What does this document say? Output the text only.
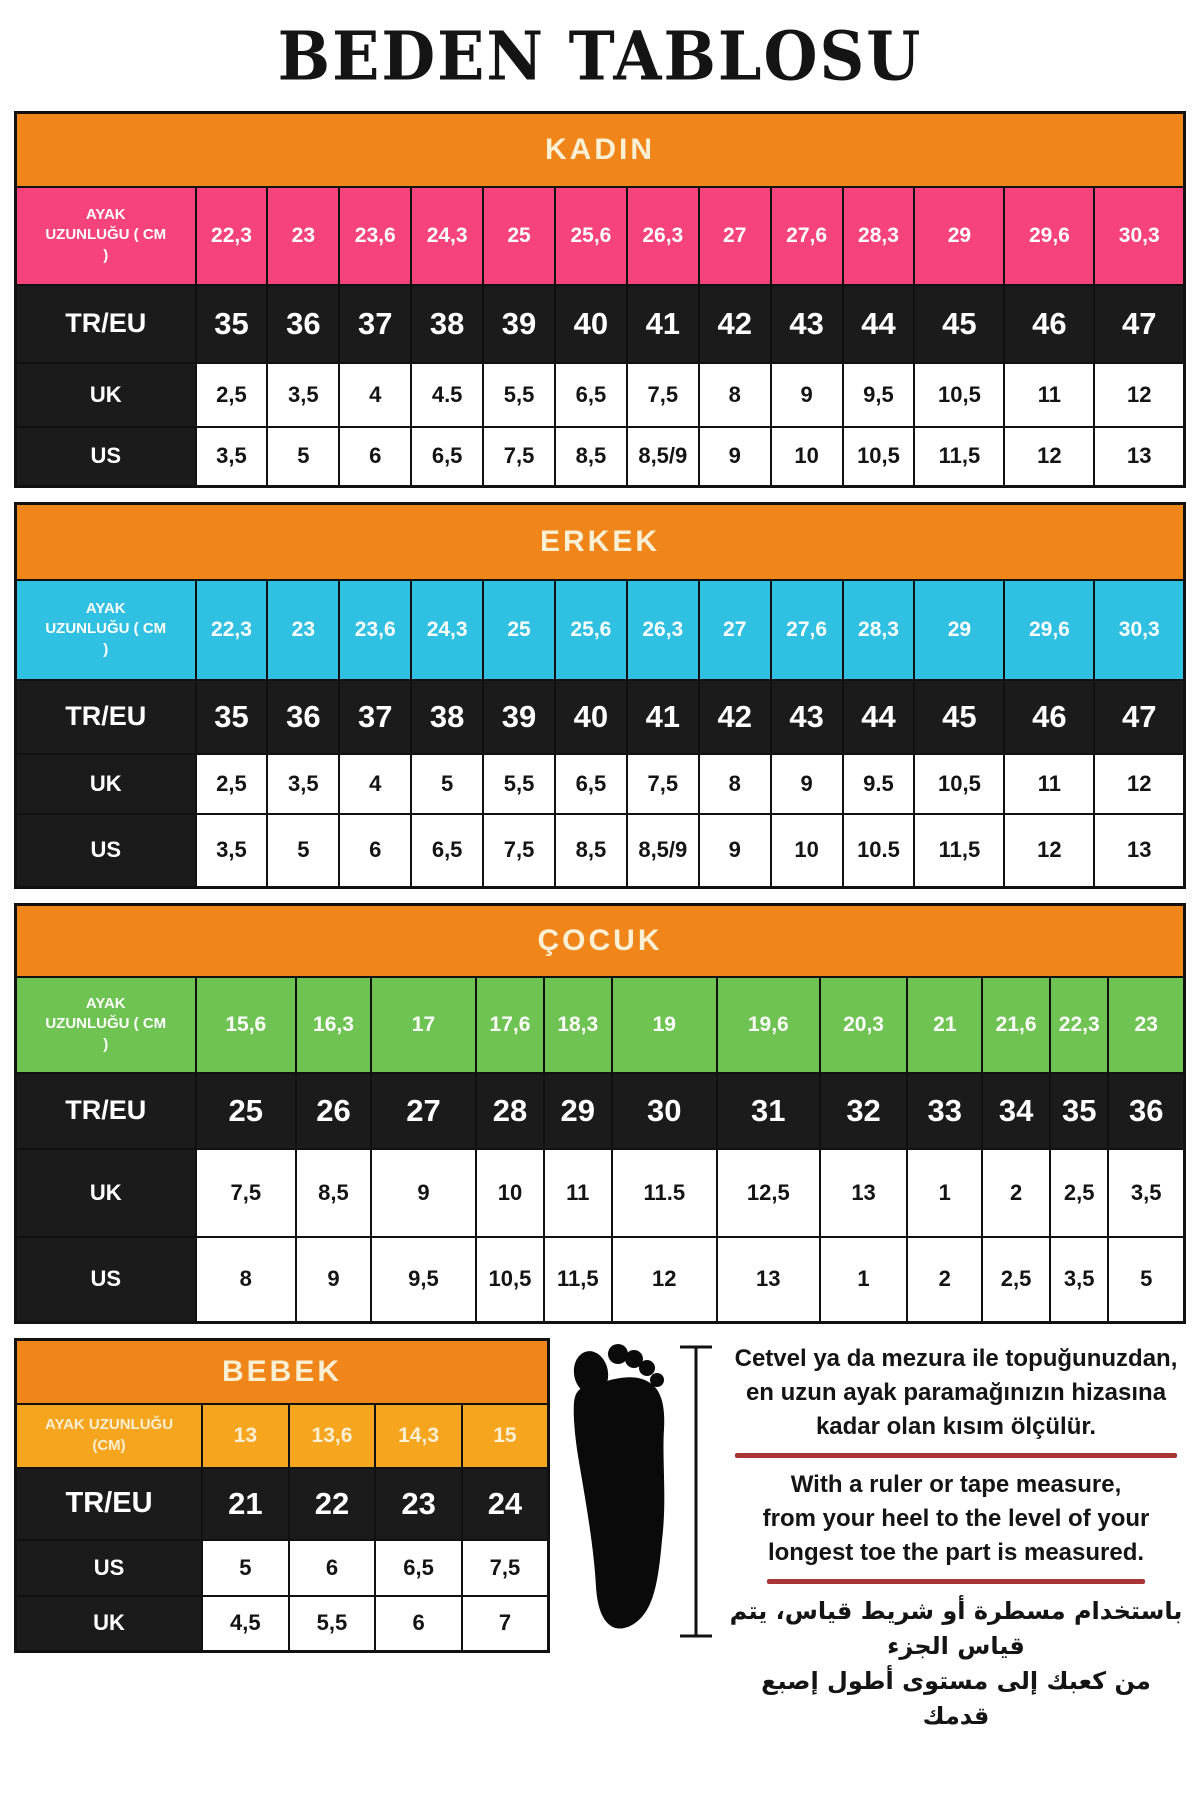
BEDEN TABLOSU
KADIN													
AYAK UZUNLUĞU ( CM )	22,3	23	23,6	24,3	25	25,6	26,3	27	27,6	28,3	29	29,6	30,3
TR/EU	35	36	37	38	39	40	41	42	43	44	45	46	47
UK	2,5	3,5	4	4.5	5,5	6,5	7,5	8	9	9,5	10,5	11	12
US	3,5	5	6	6,5	7,5	8,5	8,5/9	9	10	10,5	11,5	12	13
ERKEK													
AYAK UZUNLUĞU ( CM )	22,3	23	23,6	24,3	25	25,6	26,3	27	27,6	28,3	29	29,6	30,3
TR/EU	35	36	37	38	39	40	41	42	43	44	45	46	47
UK	2,5	3,5	4	5	5,5	6,5	7,5	8	9	9.5	10,5	11	12
US	3,5	5	6	6,5	7,5	8,5	8,5/9	9	10	10.5	11,5	12	13
ÇOCUK												
AYAK UZUNLUĞU ( CM )	15,6	16,3	17	17,6	18,3	19	19,6	20,3	21	21,6	22,3	23
TR/EU	25	26	27	28	29	30	31	32	33	34	35	36
UK	7,5	8,5	9	10	11	11.5	12,5	13	1	2	2,5	3,5
US	8	9	9,5	10,5	11,5	12	13	1	2	2,5	3,5	5
BEBEK				
AYAK UZUNLUĞU (CM)	13	13,6	14,3	15
TR/EU	21	22	23	24
US	5	6	6,5	7,5
UK	4,5	5,5	6	7
Cetvel ya da mezura ile topuğunuzdan,
en uzun ayak paramağınızın hizasına
kadar olan kısım ölçülür.
With a ruler or tape measure,
from your heel to the level of your
longest toe the part is measured.
باستخدام مسطرة أو شريط قياس، يتم قياس الجزء
من كعبك إلى مستوى أطول إصبع قدمك
